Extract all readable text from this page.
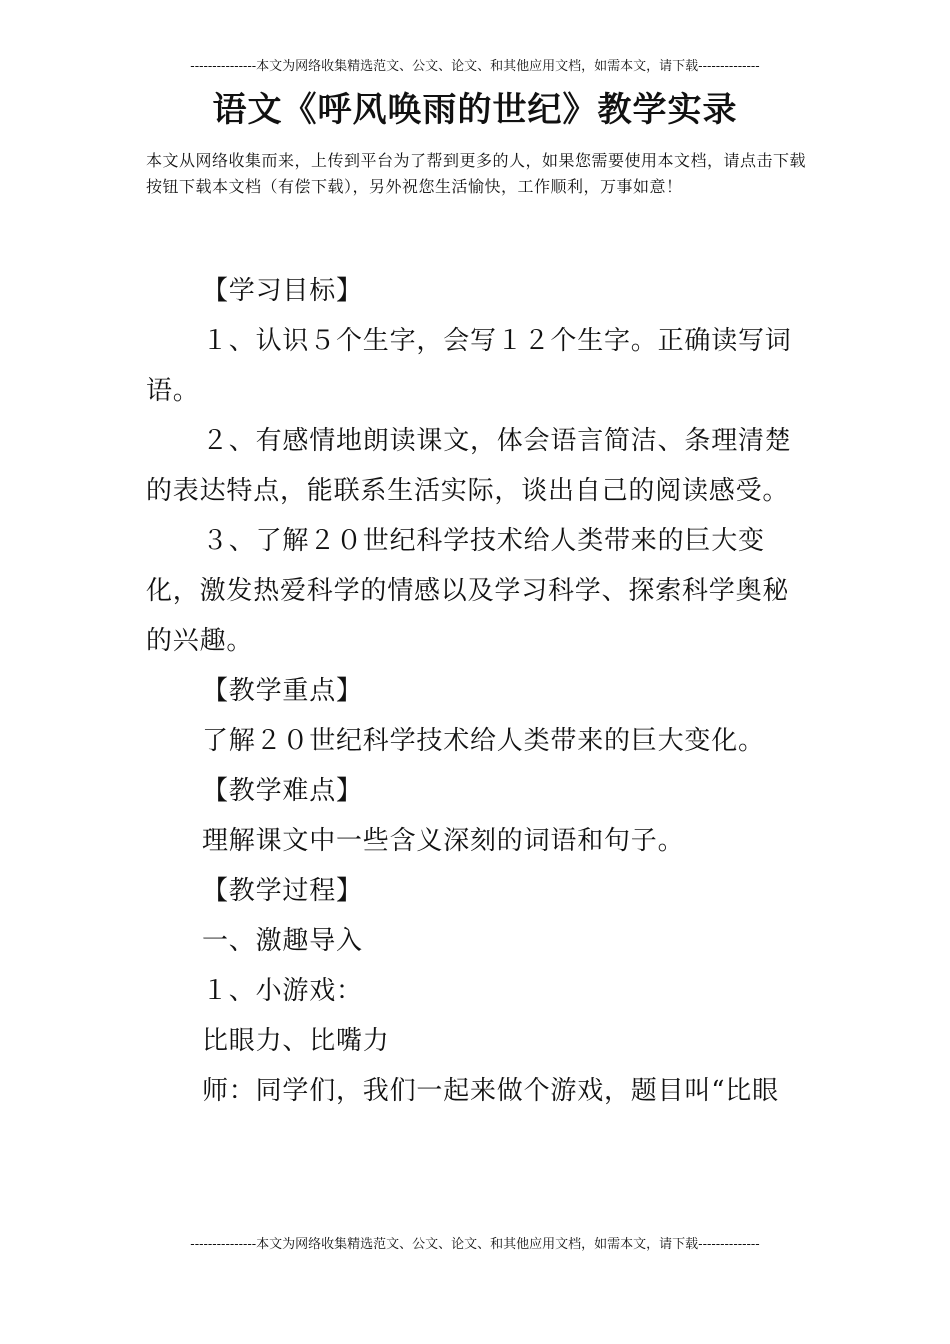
---------------本文为网络收集精选范文、公文、论文、和其他应用文档，如需本文，请下载--------------
语文《呼风唤雨的世纪》教学实录
本文从网络收集而来，上传到平台为了帮到更多的人，如果您需要使用本文档，请点击下载按钮下载本文档（有偿下载），另外祝您生活愉快，工作顺利，万事如意！

【学习目标】

１、认识５个生字，会写１２个生字。正确读写词语。

２、有感情地朗读课文，体会语言简洁、条理清楚的表达特点，能联系生活实际，谈出自己的阅读感受。

３、了解２０世纪科学技术给人类带来的巨大变化，激发热爱科学的情感以及学习科学、探索科学奥秘的兴趣。

【教学重点】

了解２０世纪科学技术给人类带来的巨大变化。

【教学难点】

理解课文中一些含义深刻的词语和句子。

【教学过程】

一、激趣导入

１、小游戏：

比眼力、比嘴力

师：同学们，我们一起来做个游戏，题目叫“比眼

---------------本文为网络收集精选范文、公文、论文、和其他应用文档，如需本文，请下载--------------
